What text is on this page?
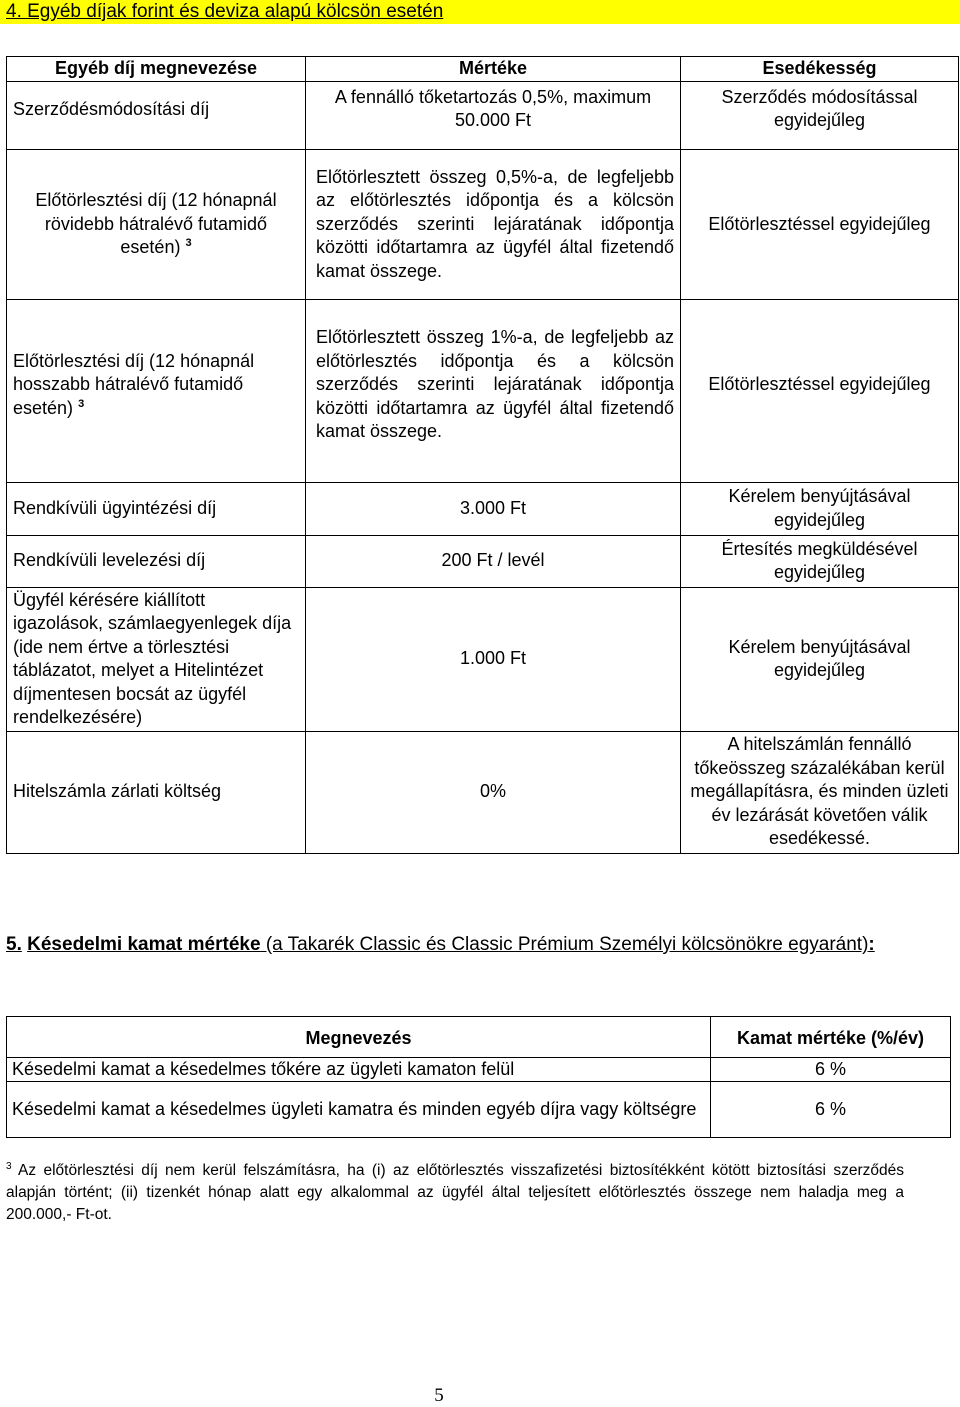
4. Egyéb díjak forint és deviza alapú kölcsön esetén
Egyéb díj megnevezése	Mértéke	Esedékesség
Szerződésmódosítási díj	A fennálló tőketartozás 0,5%, maximum 50.000 Ft	Szerződés módosítással egyidejűleg

Előtörlesztési díj (12 hónapnál rövidebb hátralévő futamidő esetén) $^3$	Előtörlesztett összeg 0,5%-a, de legfeljebb az előtörlesztés időpontja és a kölcsön szerződés szerinti lejáratának időpontja közötti időtartamra az ügyfél által fizetendő kamat összege.	Előtörlesztéssel egyidejűleg
Előtörlesztési díj (12 hónapnál hosszabb hátralévő futamidő esetén) $^3$	Előtörlesztett összeg 1%-a, de legfeljebb az előtörlesztés időpontja és a kölcsön szerződés szerinti lejáratának időpontja közötti időtartamra az ügyfél által fizetendő kamat összege.	Előtörlesztéssel egyidejűleg

Rendkívüli ügyintézési díj	3.000 Ft	Kérelem benyújtásával egyidejűleg
Rendkívüli levelezési díj	200 Ft / levél	Értesítés megküldésével egyidejűleg
Ügyfél kérésére kiállított igazolások, számlaegyenlegek díja (ide nem értve a törlesztési táblázatot, melyet a Hitelintézet díjmentesen bocsát az ügyfél rendelkezésére)	1.000 Ft	Kérelem benyújtásával egyidejűleg
Hitelszámla zárlati költség	0%	A hitelszámlán fennálló tőkeösszeg százalékában kerül megállapításra, és minden üzleti év lezárását követően válik esedékessé.
5. Késedelmi kamat mértéke (a Takarék Classic és Classic Prémium Személyi kölcsönökre egyaránt):
Megnevezés	Kamat mértéke (%/év)
Késedelmi kamat a késedelmes tőkére az ügyleti kamaton felül	6 %
Késedelmi kamat a késedelmes ügyleti kamatra és minden egyéb díjra vagy költségre	6 %
$^3$ Az előtörlesztési díj nem kerül felszámításra, ha (i) az előtörlesztés visszafizetési biztosítékként kötött biztosítási szerződés alapján történt; (ii) tizenkét hónap alatt egy alkalommal az ügyfél által teljesített előtörlesztés összege nem haladja meg a 200.000,- Ft-ot.
5
